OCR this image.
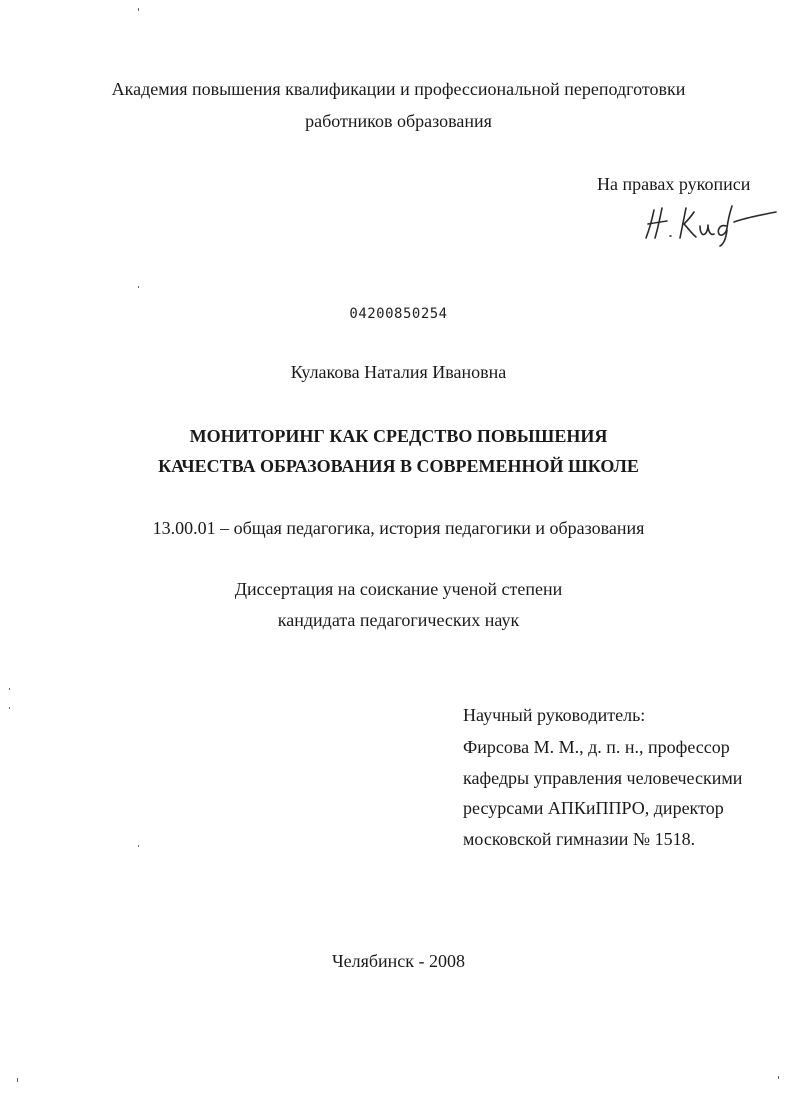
Академия повышения квалификации и профессиональной переподготовки
работников образования
На правах рукописи
04200850254
Кулакова Наталия Ивановна
МОНИТОРИНГ КАК СРЕДСТВО ПОВЫШЕНИЯ
КАЧЕСТВА ОБРАЗОВАНИЯ В СОВРЕМЕННОЙ ШКОЛЕ
13.00.01 – общая педагогика, история педагогики и образования
Диссертация на соискание ученой степени
кандидата педагогических наук
Научный руководитель:
Фирсова М. М., д. п. н., профессор
кафедры управления человеческими
ресурсами АПКиППРО, директор
московской гимназии № 1518.
Челябинск - 2008
